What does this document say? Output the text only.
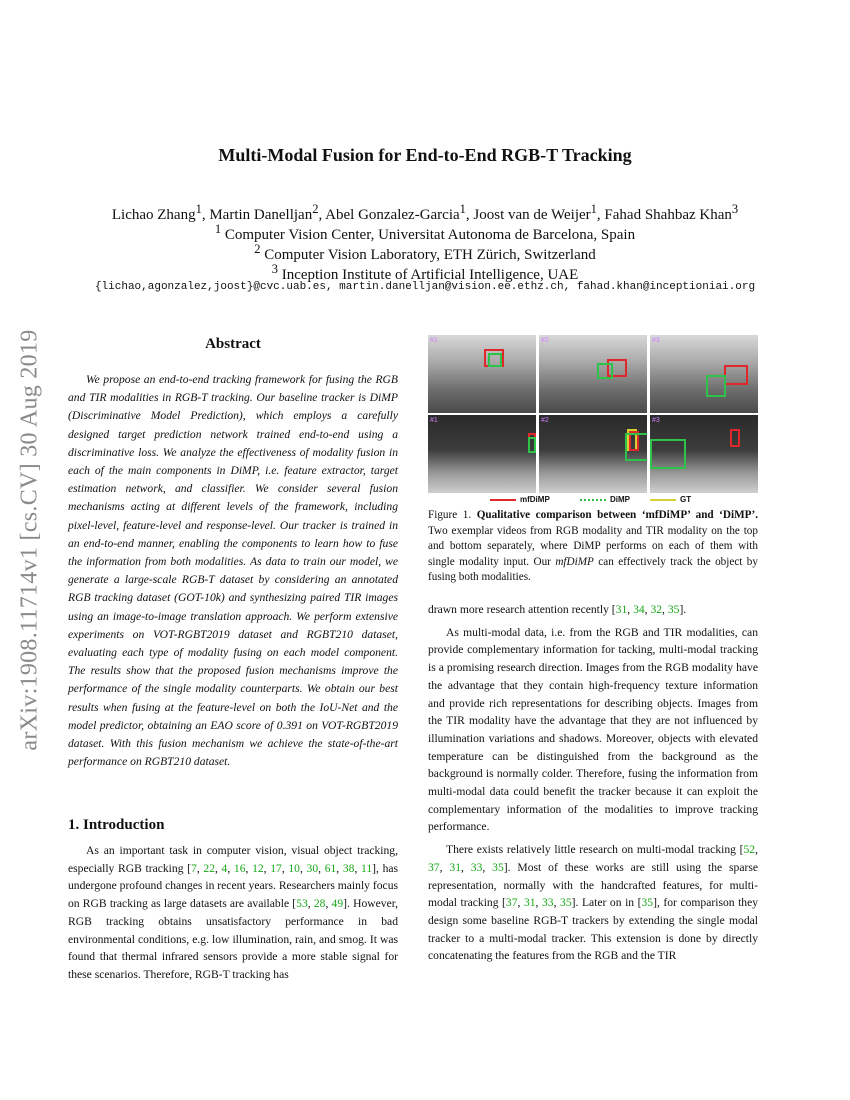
arXiv:1908.11714v1 [cs.CV] 30 Aug 2019
Multi-Modal Fusion for End-to-End RGB-T Tracking
Lichao Zhang$^1$, Martin Danelljan$^2$, Abel Gonzalez-Garcia$^1$, Joost van de Weijer$^1$, Fahad Shahbaz Khan$^3$
$^1$ Computer Vision Center, Universitat Autonoma de Barcelona, Spain
$^2$ Computer Vision Laboratory, ETH Zürich, Switzerland
$^3$ Inception Institute of Artificial Intelligence, UAE
{lichao,agonzalez,joost}@cvc.uab.es, martin.danelljan@vision.ee.ethz.ch, fahad.khan@inceptioniai.org
Abstract
We propose an end-to-end tracking framework for fusing the RGB and TIR modalities in RGB-T tracking. Our baseline tracker is DiMP (Discriminative Model Prediction), which employs a carefully designed target prediction network trained end-to-end using a discriminative loss. We analyze the effectiveness of modality fusion in each of the main components in DiMP, i.e. feature extractor, target estimation network, and classifier. We consider several fusion mechanisms acting at different levels of the framework, including pixel-level, feature-level and response-level. Our tracker is trained in an end-to-end manner, enabling the components to learn how to fuse the information from both modalities. As data to train our model, we generate a large-scale RGB-T dataset by considering an annotated RGB tracking dataset (GOT-10k) and synthesizing paired TIR images using an image-to-image translation approach. We perform extensive experiments on VOT-RGBT2019 dataset and RGBT210 dataset, evaluating each type of modality fusing on each model component. The results show that the proposed fusion mechanisms improve the performance of the single modality counterparts. We obtain our best results when fusing at the feature-level on both the IoU-Net and the model predictor, obtaining an EAO score of 0.391 on VOT-RGBT2019 dataset. With this fusion mechanism we achieve the state-of-the-art performance on RGBT210 dataset.
1. Introduction
As an important task in computer vision, visual object tracking, especially RGB tracking [7, 22, 4, 16, 12, 17, 10, 30, 61, 38, 11], has undergone profound changes in recent years. Researchers mainly focus on RGB tracking as large datasets are available [53, 28, 49]. However, RGB tracking obtains unsatisfactory performance in bad environmental conditions, e.g. low illumination, rain, and smog. It was found that thermal infrared sensors provide a more stable signal for these scenarios. Therefore, RGB-T tracking has
#1	#2	#3
#1	#2	#3
mfDiMP	DiMP	GT
Figure 1. Qualitative comparison between ‘mfDiMP’ and ‘DiMP’. Two exemplar videos from RGB modality and TIR modality on the top and bottom separately, where DiMP performs on each of them with single modality input. Our mfDiMP can effectively track the object by fusing both modalities.

drawn more research attention recently [31, 34, 32, 35].

As multi-modal data, i.e. from the RGB and TIR modalities, can provide complementary information for tacking, multi-modal tracking is a promising research direction. Images from the RGB modality have the advantage that they contain high-frequency texture information and provide rich representations for describing objects. Images from the TIR modality have the advantage that they are not influenced by illumination variations and shadows. Moreover, objects with elevated temperature can be distinguished from the background as the background is normally colder. Therefore, fusing the information from multi-modal data could benefit the tracker because it can exploit the complementary information of the modalities to improve tracking performance.

There exists relatively little research on multi-modal tracking [52, 37, 31, 33, 35]. Most of these works are still using the sparse representation, normally with the handcrafted features, for multi-modal tracking [37, 31, 33, 35]. Later on in [35], for comparison they design some baseline RGB-T trackers by extending the single modal tracker to a multi-modal tracker. This extension is done by directly concatenating the features from the RGB and the TIR
